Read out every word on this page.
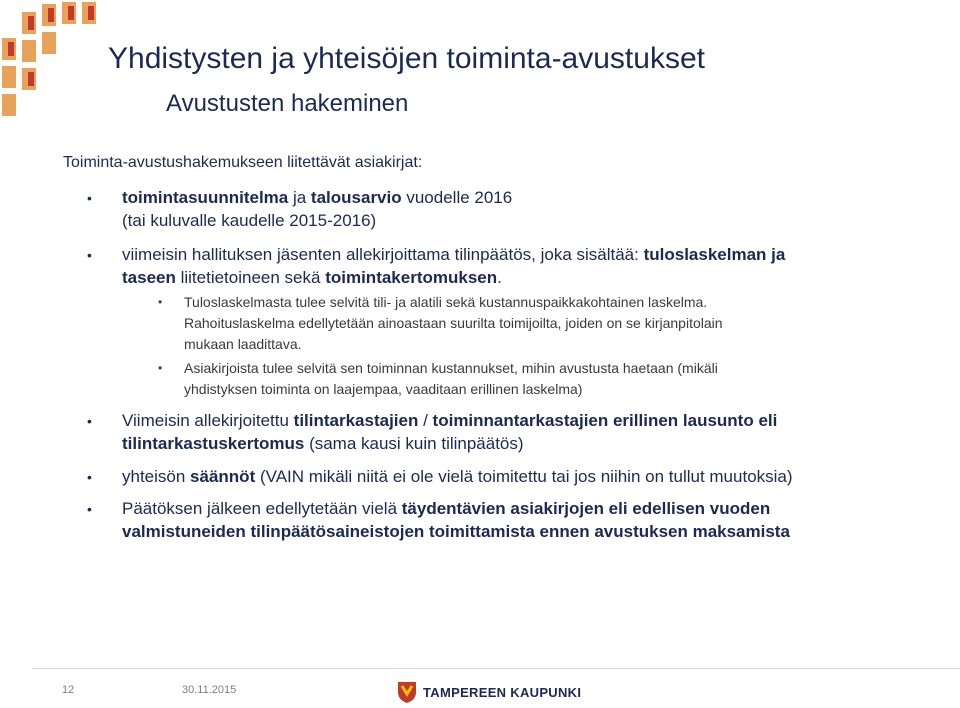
Yhdistysten ja yhteisöjen toiminta-avustukset
Avustusten hakeminen
Toiminta-avustushakemukseen liitettävät asiakirjat:
• toimintasuunnitelma ja talousarvio vuodelle 2016
(tai kuluvalle kaudelle 2015-2016)
• viimeisin hallituksen jäsenten allekirjoittama tilinpäätös, joka sisältää: tuloslaskelman ja
taseen liitetietoineen sekä toimintakertomuksen.
• Tuloslaskelmasta tulee selvitä tili- ja alatili sekä kustannuspaikkakohtainen laskelma.
Rahoituslaskelma edellytetään ainoastaan suurilta toimijoilta, joiden on se kirjanpitolain
mukaan laadittava.
• Asiakirjoista tulee selvitä sen toiminnan kustannukset, mihin avustusta haetaan (mikäli
yhdistyksen toiminta on laajempaa, vaaditaan erillinen laskelma)
• Viimeisin allekirjoitettu tilintarkastajien / toiminnantarkastajien erillinen lausunto eli
tilintarkastuskertomus (sama kausi kuin tilinpäätös)
• yhteisön säännöt (VAIN mikäli niitä ei ole vielä toimitettu tai jos niihin on tullut muutoksia)
• Päätöksen jälkeen edellytetään vielä täydentävien asiakirjojen eli edellisen vuoden
valmistuneiden tilinpäätösaineistojen toimittamista ennen avustuksen maksamista
12	30.11.2015	TAMPEREEN KAUPUNKI
